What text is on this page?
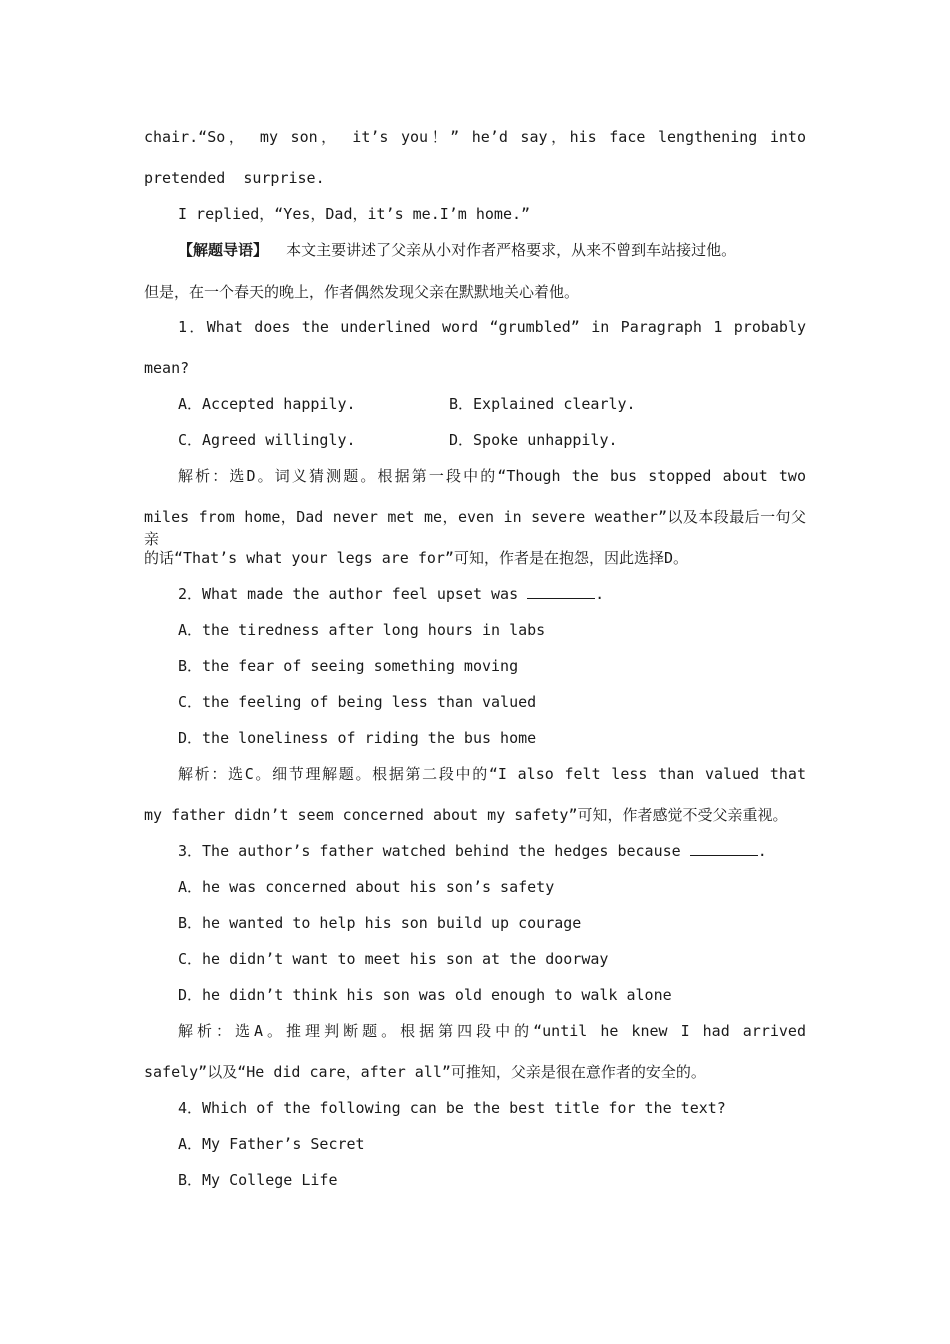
chair.“So， my son， it’s you！” he’d say，his face lengthening into
pretended  surprise.
I replied，“Yes，Dad，it’s me.I’m home.”
【解题导语】 本文主要讲述了父亲从小对作者严格要求，从来不曾到车站接过他。
但是，在一个春天的晚上，作者偶然发现父亲在默默地关心着他。
1．What does the underlined word “grumbled” in Paragraph 1 probably
mean?
A．Accepted happily.	B．Explained clearly.
C．Agreed willingly.	D．Spoke unhappily.
解析：选D。词义猜测题。根据第一段中的“Though the bus stopped about two
miles from home，Dad never met me，even in severe weather”以及本段最后一句父亲
的话“That’s what your legs are for”可知，作者是在抱怨，因此选择D。
2．What made the author feel upset was	.
A．the tiredness after long hours in labs
B．the fear of seeing something moving
C．the feeling of being less than valued
D．the loneliness of riding the bus home
解析：选C。细节理解题。根据第二段中的“I also felt less than valued that
my father didn’t seem concerned about my safety”可知，作者感觉不受父亲重视。
3．The author’s father watched behind the hedges because	.
A．he was concerned about his son’s safety
B．he wanted to help his son build up courage
C．he didn’t want to meet his son at the doorway
D．he didn’t think his son was old enough to walk alone
解析：选A。推理判断题。根据第四段中的“until he knew I had arrived
safely”以及“He did care，after all”可推知，父亲是很在意作者的安全的。
4．Which of the following can be the best title for the text?
A．My Father’s Secret
B．My College Life
